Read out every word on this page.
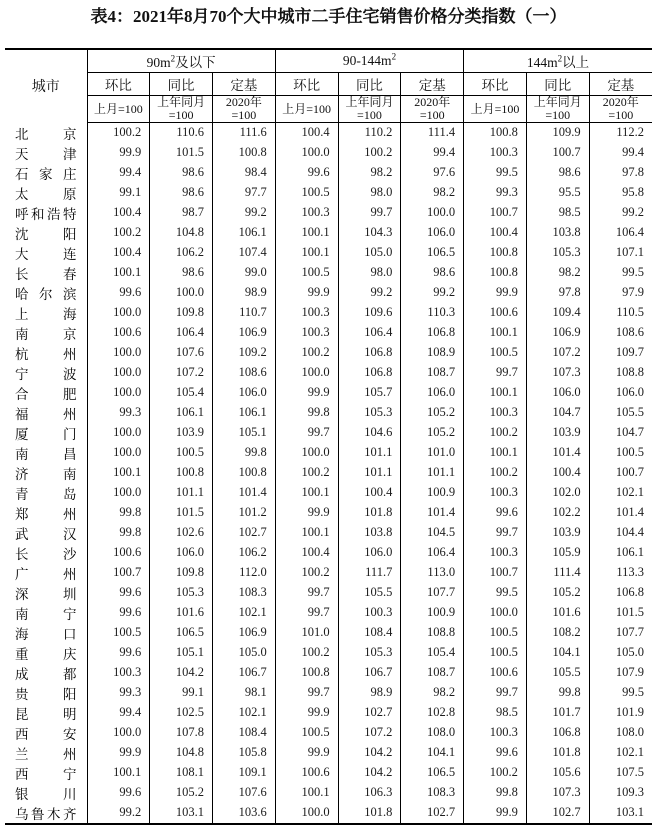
表4：2021年8月70个大中城市二手住宅销售价格分类指数（一）
城市	$90m^2$及以下			$90-144m^2$			$144m^2$以上		
	环比	同比	定基	环比	同比	定基	环比	同比	定基
	上月=100	上年同月=100	2020年=100	上月=100	上年同月=100	2020年=100	上月=100	上年同月=100	2020年=100
北京	100.2	110.6	111.6	100.4	110.2	111.4	100.8	109.9	112.2
天津	99.9	101.5	100.8	100.0	100.2	99.4	100.3	100.7	99.4
石家庄	99.4	98.6	98.4	99.6	98.2	97.6	99.5	98.6	97.8
太原	99.1	98.6	97.7	100.5	98.0	98.2	99.3	95.5	95.8
呼和浩特	100.4	98.7	99.2	100.3	99.7	100.0	100.7	98.5	99.2
沈阳	100.2	104.8	106.1	100.1	104.3	106.0	100.4	103.8	106.4
大连	100.4	106.2	107.4	100.1	105.0	106.5	100.8	105.3	107.1
长春	100.1	98.6	99.0	100.5	98.0	98.6	100.8	98.2	99.5
哈尔滨	99.6	100.0	98.9	99.9	99.2	99.2	99.9	97.8	97.9
上海	100.0	109.8	110.7	100.3	109.6	110.3	100.6	109.4	110.5
南京	100.6	106.4	106.9	100.3	106.4	106.8	100.1	106.9	108.6
杭州	100.0	107.6	109.2	100.2	106.8	108.9	100.5	107.2	109.7
宁波	100.0	107.2	108.6	100.0	106.8	108.7	99.7	107.3	108.8
合肥	100.0	105.4	106.0	99.9	105.7	106.0	100.1	106.0	106.0
福州	99.3	106.1	106.1	99.8	105.3	105.2	100.3	104.7	105.5
厦门	100.0	103.9	105.1	99.7	104.6	105.2	100.2	103.9	104.7
南昌	100.0	100.5	99.8	100.0	101.1	101.0	100.1	101.4	100.5
济南	100.1	100.8	100.8	100.2	101.1	101.1	100.2	100.4	100.7
青岛	100.0	101.1	101.4	100.1	100.4	100.9	100.3	102.0	102.1
郑州	99.8	101.5	101.2	99.9	101.8	101.4	99.6	102.2	101.4
武汉	99.8	102.6	102.7	100.1	103.8	104.5	99.7	103.9	104.4
长沙	100.6	106.0	106.2	100.4	106.0	106.4	100.3	105.9	106.1
广州	100.7	109.8	112.0	100.2	111.7	113.0	100.7	111.4	113.3
深圳	99.6	105.3	108.3	99.7	105.5	107.7	99.5	105.2	106.8
南宁	99.6	101.6	102.1	99.7	100.3	100.9	100.0	101.6	101.5
海口	100.5	106.5	106.9	101.0	108.4	108.8	100.5	108.2	107.7
重庆	99.6	105.1	105.0	100.2	105.3	105.4	100.5	104.1	105.0
成都	100.3	104.2	106.7	100.8	106.7	108.7	100.6	105.5	107.9
贵阳	99.3	99.1	98.1	99.7	98.9	98.2	99.7	99.8	99.5
昆明	99.4	102.5	102.1	99.9	102.7	102.8	98.5	101.7	101.9
西安	100.0	107.8	108.4	100.5	107.2	108.0	100.3	106.8	108.0
兰州	99.9	104.8	105.8	99.9	104.2	104.1	99.6	101.8	102.1
西宁	100.1	108.1	109.1	100.6	104.2	106.5	100.2	105.6	107.5
银川	99.6	105.2	107.6	100.1	106.3	108.3	99.8	107.3	109.3
乌鲁木齐	99.2	103.1	103.6	100.0	101.8	102.7	99.9	102.7	103.1
